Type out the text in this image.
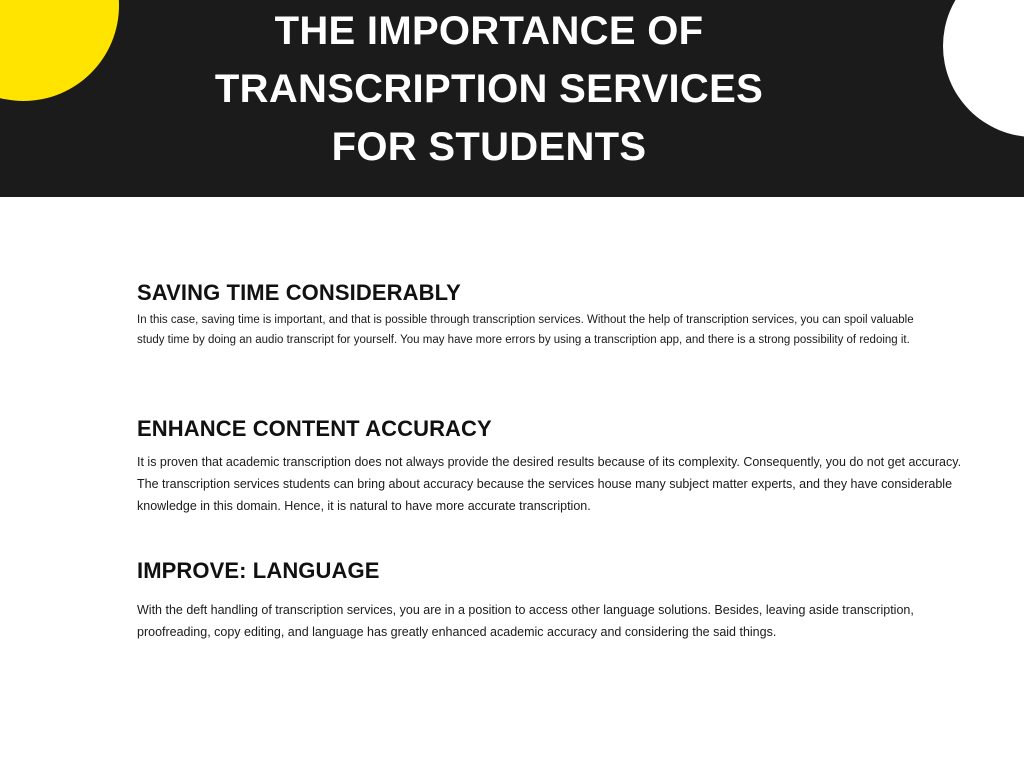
THE IMPORTANCE OF
TRANSCRIPTION SERVICES
FOR STUDENTS
SAVING TIME CONSIDERABLY

In this case, saving time is important, and that is possible through transcription services. Without the help of transcription services, you can spoil valuable study time by doing an audio transcript for yourself. You may have more errors by using a transcription app, and there is a strong possibility of redoing it.

ENHANCE CONTENT ACCURACY

It is proven that academic transcription does not always provide the desired results because of its complexity. Consequently, you do not get accuracy. The transcription services students can bring about accuracy because the services house many subject matter experts, and they have considerable knowledge in this domain. Hence, it is natural to have more accurate transcription.

IMPROVE: LANGUAGE

With the deft handling of transcription services, you are in a position to access other language solutions. Besides, leaving aside transcription, proofreading, copy editing, and language has greatly enhanced academic accuracy and considering the said things.
